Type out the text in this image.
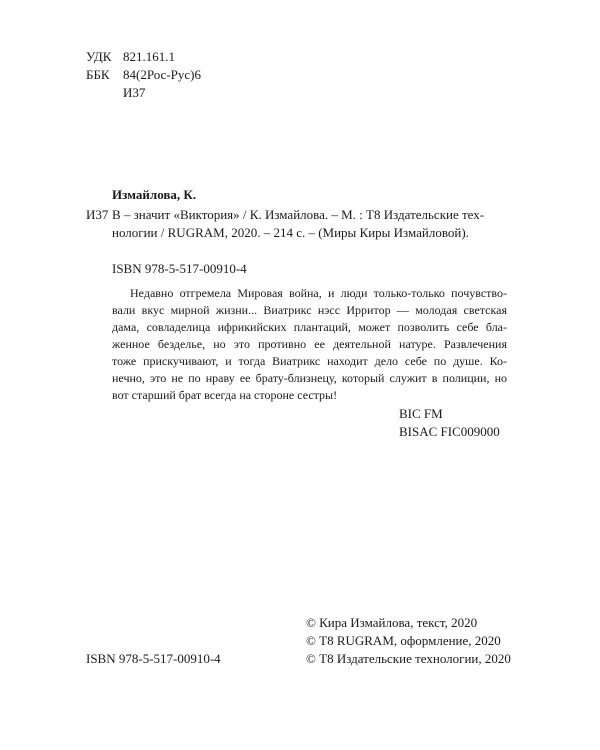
УДК 821.161.1
ББК 84(2Рос-Рус)6
И37
Измайлова, К.
И37 В – значит «Виктория» / К. Измайлова. – М. : Т8 Издательские тех-
нологии / RUGRAM, 2020. – 214 с. – (Миры Киры Измайловой).
ISBN 978-5-517-00910-4
Недавно отгремела Мировая война, и люди только-только почувство-
вали вкус мирной жизни... Виатрикс нэсс Ирритор — молодая светская
дама, совладелица ифрикийских плантаций, может позволить себе бла-
женное безделье, но это противно ее деятельной натуре. Развлечения
тоже прискучивают, и тогда Виатрикс находит дело себе по душе. Ко-
нечно, это не по нраву ее брату-близнецу, который служит в полиции, но
вот старший брат всегда на стороне сестры!
BIC FM
BISAC FIC009000
© Кира Измайлова, текст, 2020
© Т8 RUGRAM, оформление, 2020
© Т8 Издательские технологии, 2020
ISBN 978-5-517-00910-4
